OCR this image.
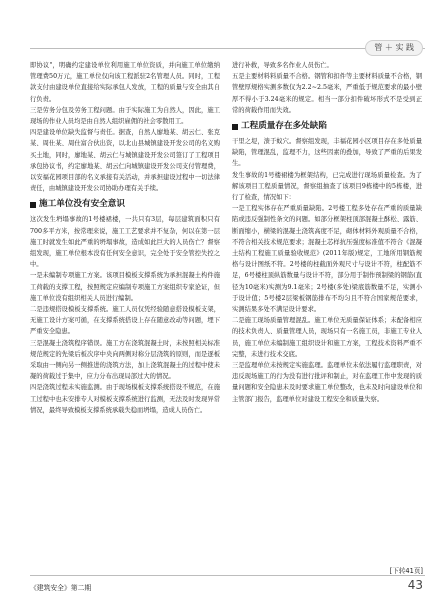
管 ＋ 实 践

即协议"，明确约定建设单位利用施工单位资质，并向施工单位缴纳管理费50万元，施工单位仅向该工程派驻2名管理人员。同时，工程款支付由建设单位直接给实际承包人发放，工程的质量与安全由其自行负责。

三是劳务分包及劳务工程问题。由于实际施工为自然人，因此，施工现场的作业人员均是由自然人组织雇佣的社会零散用工。

四是建设单位缺失监督与责任。据查，自然人廖地某、胡云仁、张克某、周仕某、周仕富合伙出资，以北山县城镇建设开发公司的名义购买土地，同时，廖地某、胡云仁与城镇建设开发公司签订了工程项目承包协议书，约定廖地某、胡云仁向城镇建设开发公司支付管理费，以安福花园项目部的名义承接有关活动，并承担建设过程中一切法律责任，由城镇建设开发公司协助办理有关手续。

施工单位没有安全意识

这次发生坍塌事故的1号楼裙楼，一共只有3层，每层建筑面积只有700多平方米，按常理来说，施工工艺要求并不复杂，何以在第一层施工时就发生如此严重的坍塌事故，造成如此巨大的人员伤亡？督察组发现，施工单位根本没有任何安全意识，完全处于安全管控失控之中。

一是未编制专项施工方案。该项目模板支撑系统为承担混凝土构件施工荷载的支撑工程，按照规定应编制专项施工方案组织专家论证，但施工单位没有组织相关人员进行编制。

二是违规搭设模板支撑系统。施工人员仅凭经验随意搭设模板支架，无施工设计方案可循，在支撑系统搭设上存在随意改动等问题，埋下严重安全隐患。

三是混凝土浇筑程序错误。施工方在浇筑混凝土时，未按照相关标准规范规定的先梁后板次序中央向两侧对称分层浇筑的原则，而是逐板采取由一侧向另一侧推进的浇筑方法，加上浇筑混凝土的过程中使未凝的荷载过于集中，应力分布出现局部过大的情况。

四是浇筑过程未实施监测。由于现场模板支撑系统搭设不规范，在施工过程中也未安排专人对模板支撑系统进行监测，无法及时发现异常情况，最终导致模板支撑系统承载失稳而坍塌，造成人员伤亡。

进行补救，导致多名作业人员伤亡。

五是主要材料料质量不合格。钢管和扣件等主要材料质量不合格，钢管壁厚规格实测多数仅为2.2~2.5毫米，严重低于规范要求的最小壁厚不得小于3.24毫米的规定。相当一部分扣件破坏形式不是受到正常的荷载作用而失效。

工程质量存在多处缺陷

干里之堤，溃于蚁穴。督察组发现，丰福花园小区项目存在多处质量缺陷，管理混乱，监理不力，这些因素的叠加，导致了严重的后果发生。

发生事故的1号楼裙楼为框架结构，已完成进行现场质量检查。为了解该项目工程质量情况，督察组抽查了该项目9栋楼中的5栋楼，进行了检查，情况如下：

一是工程实体存在严重质量缺陷。2号楼工程多处存在严重的质量缺陷或违反强制性条文的问题。如部分框架柱顶部混凝土酥松、露筋、断面缩小，横梁的混凝土浇筑高度不足，砌体材料外观质量不合格，不符合相关技术规范要求；混凝土芯样抗压强度标准值不符合《混凝土结构工程施工质量验收规范》(2011年版)规定，工地所用钢筋规格与设计图纸不符。2号楼的柱截面外观尺寸与设计不符，柱配筋不足，6号楼柱顶纵筋数量与设计不符，部分用于制作预制梁的钢筋(直径为10毫米)实测为9.1毫米；2号楼(多处)梁底筋数量不足，实测小于设计值；5号楼2层梁板钢筋排布不均匀且不符合国家规范要求，实测结果多处不满足设计要求。

二是施工现场质量管理混乱。施工单位无质量保证体系；未配备相应的技术负责人、质量管理人员，现场只有一名施工员，非施工专业人员，施工单位未编制施工组织设计和施工方案，工程技术资料严重不完整，未进行技术交底。

三是监理单位未按规定实施监理。监理单位未依法履行监理职责，对违反现场施工的行为没有进行批评和制止，对在监理工作中发现的质量问题和安全隐患未及时要求施工单位整改，也未及时向建设单位和主管部门报告，监理单位对建设工程安全和质量失察。

[下转41页]
《建筑安全》第二期	43
